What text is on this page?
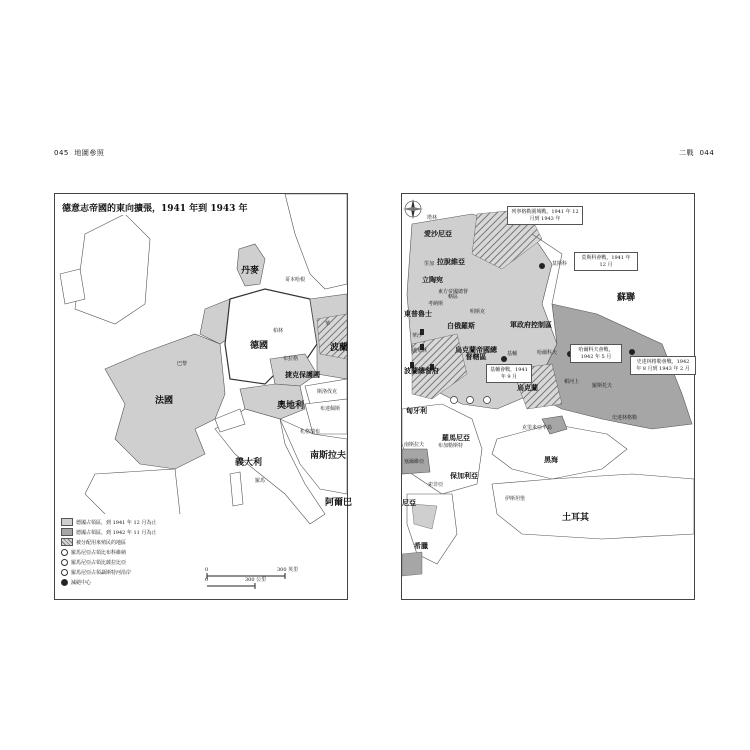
045 地圖參照	二戰 044
德意志帝國的東向擴張，1941 年到 1943 年
丹麥
哥本哈根
德國
柏林
波蘭
華
捷克保護國
布拉格
奧地利
斯洛伐克
布達佩斯
札格瑞布
南斯拉夫
阿爾巴
義大利
羅馬
法國
巴黎
德國占領區，到 1941 年 12 月為止
德國占領區，到 1942 年 11 月為止
被分配用來殖民的地區
羅馬尼亞占領比布科維納
羅馬尼亞占領比薩拉比亞
羅馬尼亞占領聶斯特河沿岸
滅絕中心
0	300 英里
0	300 公里
塔林
愛沙尼亞
拉脫維亞
里加
立陶宛
東方帝國總督轄區
考納斯
明斯克
東普魯士
白俄羅斯	軍政府控制區
華沙
烏克蘭帝國總督轄區
盧布林	基輔
波蘭總督府
哈爾科夫
匈牙利
羅馬尼亞
布加勒斯特
保加利亞
索非亞
塞爾維亞
南斯拉夫
黑海
土耳其
伊斯坦堡
希臘
尼亞
克里米亞半島
烏克蘭
頓河上
羅斯托夫
史達林格勒
莫斯科
蘇聯
列寧格勒圍城戰，1941 年 12 月到 1943 年
莫斯科會戰，1941 年 12 月
基輔會戰，1941 年 9 月
哈爾科夫會戰，1942 年 5 月
史達林格勒會戰，1942 年 8 月到 1943 年 2 月
